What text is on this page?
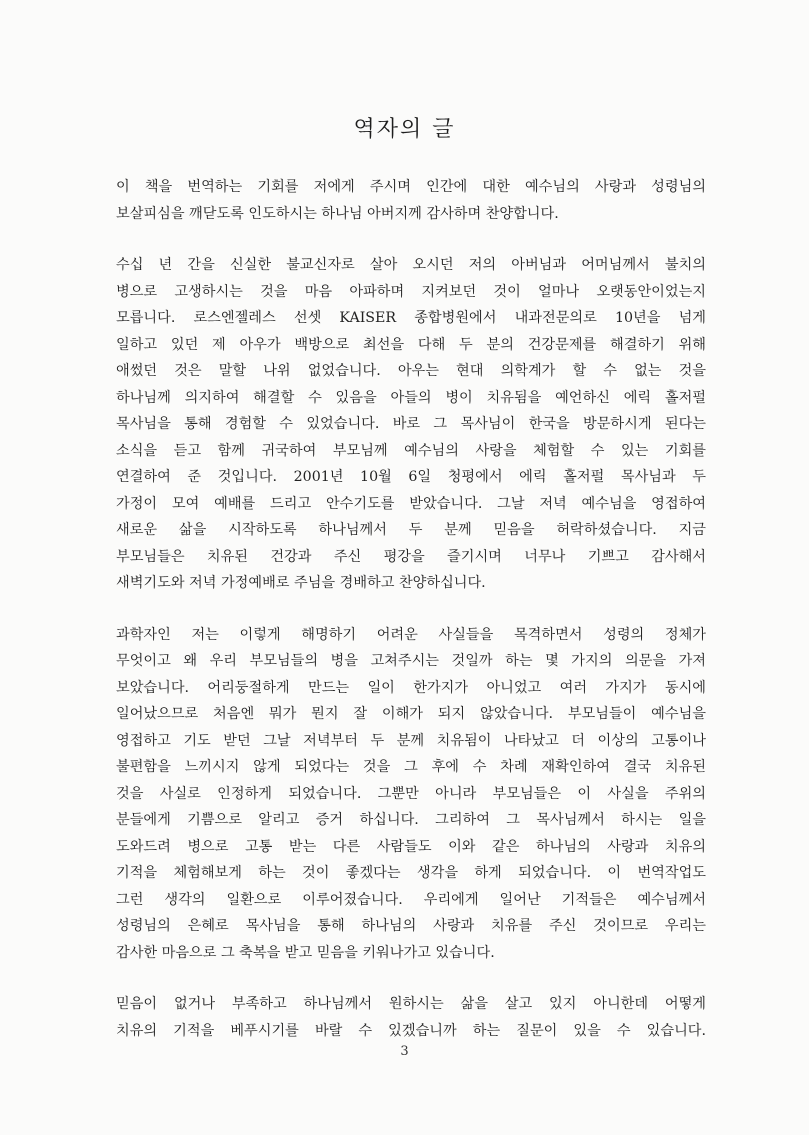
역자의 글

이 책을 번역하는 기회를 저에게 주시며 인간에 대한 예수님의 사랑과 성령님의
보살피심을 깨닫도록 인도하시는 하나님 아버지께 감사하며 찬양합니다.

수십 년 간을 신실한 불교신자로 살아 오시던 저의 아버님과 어머님께서 불치의
병으로 고생하시는 것을 마음 아파하며 지켜보던 것이 얼마나 오랫동안이었는지
모릅니다. 로스엔젤레스 선셋 KAISER 종합병원에서 내과전문의로 10년을 넘게
일하고 있던 제 아우가 백방으로 최선을 다해 두 분의 건강문제를 해결하기 위해
애썼던 것은 말할 나위 없었습니다. 아우는 현대 의학계가 할 수 없는 것을
하나님께 의지하여 해결할 수 있음을 아들의 병이 치유됨을 예언하신 에릭 홀저펄
목사님을 통해 경험할 수 있었습니다. 바로 그 목사님이 한국을 방문하시게 된다는
소식을 듣고 함께 귀국하여 부모님께 예수님의 사랑을 체험할 수 있는 기회를
연결하여 준 것입니다. 2001년 10월 6일 청평에서 에릭 홀저펄 목사님과 두
가정이 모여 예배를 드리고 안수기도를 받았습니다. 그날 저녁 예수님을 영접하여
새로운 삶을 시작하도록 하나님께서 두 분께 믿음을 허락하셨습니다. 지금
부모님들은 치유된 건강과 주신 평강을 즐기시며 너무나 기쁘고 감사해서
새벽기도와 저녁 가정예배로 주님을 경배하고 찬양하십니다.

과학자인 저는 이렇게 해명하기 어려운 사실들을 목격하면서 성령의 정체가
무엇이고 왜 우리 부모님들의 병을 고쳐주시는 것일까 하는 몇 가지의 의문을 가져
보았습니다. 어리둥절하게 만드는 일이 한가지가 아니었고 여러 가지가 동시에
일어났으므로 처음엔 뭐가 뭔지 잘 이해가 되지 않았습니다. 부모님들이 예수님을
영접하고 기도 받던 그날 저녁부터 두 분께 치유됨이 나타났고 더 이상의 고통이나
불편함을 느끼시지 않게 되었다는 것을 그 후에 수 차례 재확인하여 결국 치유된
것을 사실로 인정하게 되었습니다. 그뿐만 아니라 부모님들은 이 사실을 주위의
분들에게 기쁨으로 알리고 증거 하십니다. 그리하여 그 목사님께서 하시는 일을
도와드려 병으로 고통 받는 다른 사람들도 이와 같은 하나님의 사랑과 치유의
기적을 체험해보게 하는 것이 좋겠다는 생각을 하게 되었습니다. 이 번역작업도
그런 생각의 일환으로 이루어졌습니다. 우리에게 일어난 기적들은 예수님께서
성령님의 은혜로 목사님을 통해 하나님의 사랑과 치유를 주신 것이므로 우리는
감사한 마음으로 그 축복을 받고 믿음을 키워나가고 있습니다.

믿음이 없거나 부족하고 하나님께서 원하시는 삶을 살고 있지 아니한데 어떻게
치유의 기적을 베푸시기를 바랄 수 있겠습니까 하는 질문이 있을 수 있습니다.

3
